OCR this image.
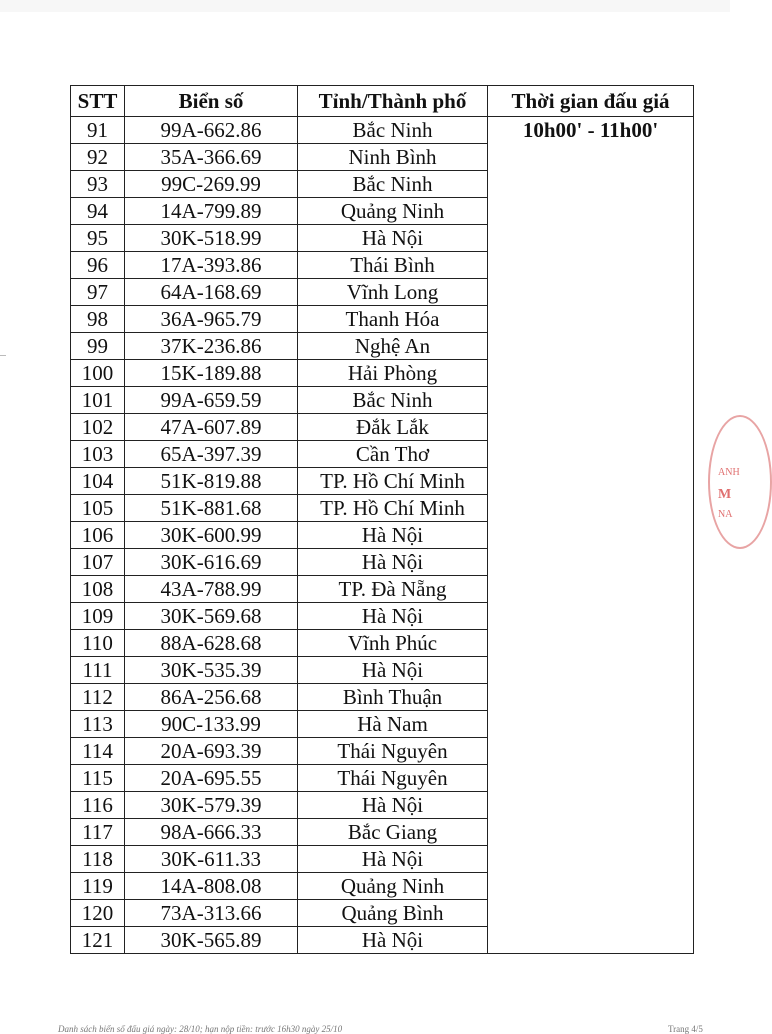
STT	Biển số	Tỉnh/Thành phố	Thời gian đấu giá
91	99A-662.86	Bắc Ninh	10h00' - 11h00'
92	35A-366.69	Ninh Bình	
93	99C-269.99	Bắc Ninh	
94	14A-799.89	Quảng Ninh	
95	30K-518.99	Hà Nội	
96	17A-393.86	Thái Bình	
97	64A-168.69	Vĩnh Long	
98	36A-965.79	Thanh Hóa	
99	37K-236.86	Nghệ An	
100	15K-189.88	Hải Phòng	
101	99A-659.59	Bắc Ninh	
102	47A-607.89	Đắk Lắk	
103	65A-397.39	Cần Thơ	
104	51K-819.88	TP. Hồ Chí Minh	
105	51K-881.68	TP. Hồ Chí Minh	
106	30K-600.99	Hà Nội	
107	30K-616.69	Hà Nội	
108	43A-788.99	TP. Đà Nẵng	
109	30K-569.68	Hà Nội	
110	88A-628.68	Vĩnh Phúc	
111	30K-535.39	Hà Nội	
112	86A-256.68	Bình Thuận	
113	90C-133.99	Hà Nam	
114	20A-693.39	Thái Nguyên	
115	20A-695.55	Thái Nguyên	
116	30K-579.39	Hà Nội	
117	98A-666.33	Bắc Giang	
118	30K-611.33	Hà Nội	
119	14A-808.08	Quảng Ninh	
120	73A-313.66	Quảng Bình	
121	30K-565.89	Hà Nội	
ANH
M
NA
Danh sách biển số đấu giá ngày: 28/10; hạn nộp tiền: trước 16h30 ngày 25/10	Trang 4/5
